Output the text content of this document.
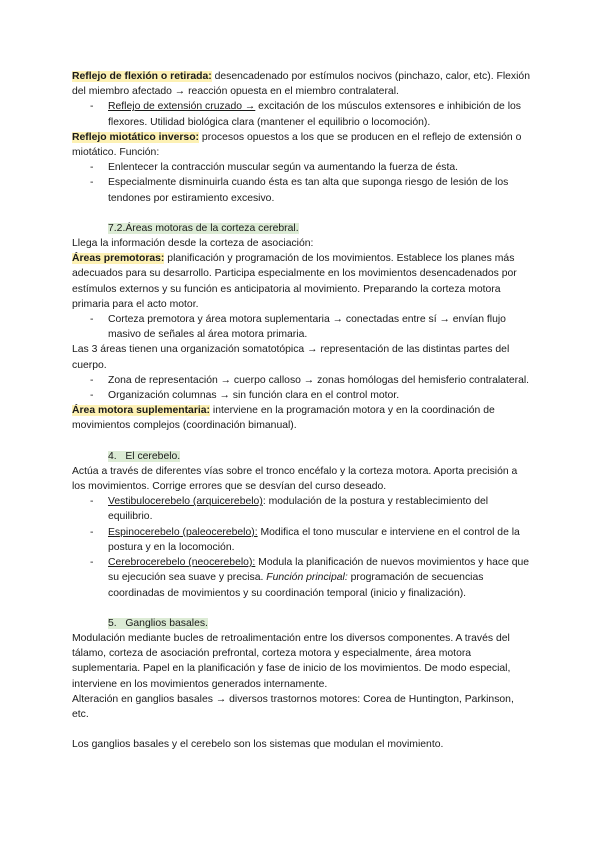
Reflejo de flexión o retirada: desencadenado por estímulos nocivos (pinchazo, calor, etc). Flexión del miembro afectado → reacción opuesta en el miembro contralateral.

- Reflejo de extensión cruzado → excitación de los músculos extensores e inhibición de los flexores. Utilidad biológica clara (mantener el equilibrio o locomoción).

Reflejo miotático inverso: procesos opuestos a los que se producen en el reflejo de extensión o miotático. Función:

- Enlentecer la contracción muscular según va aumentando la fuerza de ésta.
- Especialmente disminuirla cuando ésta es tan alta que suponga riesgo de lesión de los tendones por estiramiento excesivo.

7.2.Áreas motoras de la corteza cerebral.

Llega la información desde la corteza de asociación:

Áreas premotoras: planificación y programación de los movimientos. Establece los planes más adecuados para su desarrollo. Participa especialmente en los movimientos desencadenados por estímulos externos y su función es anticipatoria al movimiento. Preparando la corteza motora primaria para el acto motor.

- Corteza premotora y área motora suplementaria → conectadas entre sí → envían flujo masivo de señales al área motora primaria.

Las 3 áreas tienen una organización somatotópica → representación de las distintas partes del cuerpo.

- Zona de representación → cuerpo calloso → zonas homólogas del hemisferio contralateral.
- Organización columnas → sin función clara en el control motor.

Área motora suplementaria: interviene en la programación motora y en la coordinación de movimientos complejos (coordinación bimanual).

4.   El cerebelo.

Actúa a través de diferentes vías sobre el tronco encéfalo y la corteza motora. Aporta precisión a los movimientos. Corrige errores que se desvían del curso deseado.

- Vestibulocerebelo (arquicerebelo): modulación de la postura y restablecimiento del equilibrio.
- Espinocerebelo (paleocerebelo): Modifica el tono muscular e interviene en el control de la postura y en la locomoción.
- Cerebrocerebelo (neocerebelo): Modula la planificación de nuevos movimientos y hace que su ejecución sea suave y precisa. Función principal: programación de secuencias coordinadas de movimientos y su coordinación temporal (inicio y finalización).

5.   Ganglios basales.

Modulación mediante bucles de retroalimentación entre los diversos componentes. A través del tálamo, corteza de asociación prefrontal, corteza motora y especialmente, área motora suplementaria. Papel en la planificación y fase de inicio de los movimientos. De modo especial, interviene en los movimientos generados internamente.

Alteración en ganglios basales → diversos trastornos motores: Corea de Huntington, Parkinson, etc.

Los ganglios basales y el cerebelo son los sistemas que modulan el movimiento.
